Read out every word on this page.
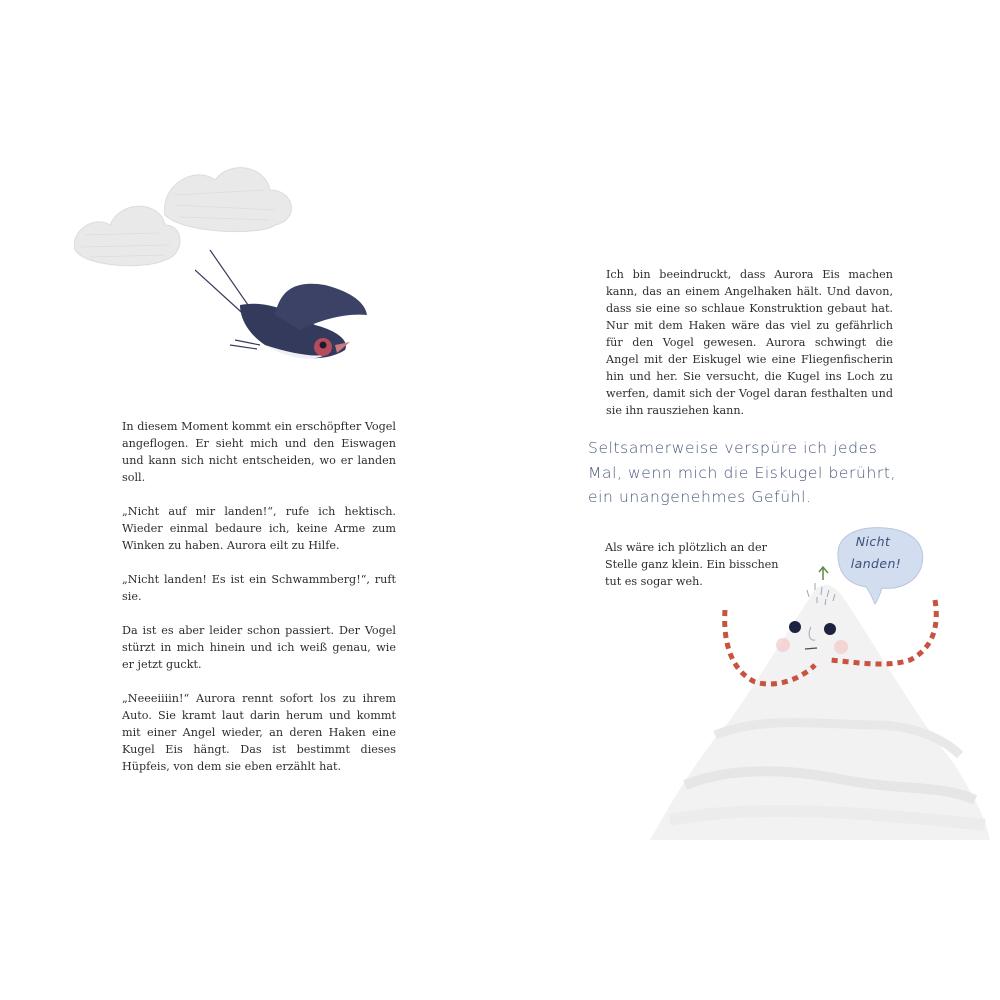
In diesem Moment kommt ein erschöpfter Vogel angeflogen. Er sieht mich und den Eiswagen und kann sich nicht entscheiden, wo er landen soll.

„Nicht auf mir landen!“, rufe ich hektisch. Wieder einmal bedaure ich, keine Arme zum Winken zu haben. Aurora eilt zu Hilfe.

„Nicht landen! Es ist ein Schwammberg!“, ruft sie.

Da ist es aber leider schon passiert. Der Vogel stürzt in mich hinein und ich weiß genau, wie er jetzt guckt.

„Neeeiiiin!“ Aurora rennt sofort los zu ihrem Auto. Sie kramt laut darin herum und kommt mit einer Angel wieder, an deren Haken eine Kugel Eis hängt. Das ist bestimmt dieses Hüpfeis, von dem sie eben erzählt hat.

Ich bin beeindruckt, dass Aurora Eis machen kann, das an einem Angelhaken hält. Und davon, dass sie eine so schlaue Konstruktion gebaut hat. Nur mit dem Haken wäre das viel zu gefährlich für den Vogel gewesen. Aurora schwingt die Angel mit der Eiskugel wie eine Fliegenfischerin hin und her. Sie versucht, die Kugel ins Loch zu werfen, damit sich der Vogel daran festhalten und sie ihn rausziehen kann.

Seltsamerweise verspüre ich jedes Mal, wenn mich die Eiskugel berührt, ein unangenehmes Gefühl.
Als wäre ich plötzlich an der Stelle ganz klein. Ein bisschen tut es sogar weh.
Nicht
landen!
